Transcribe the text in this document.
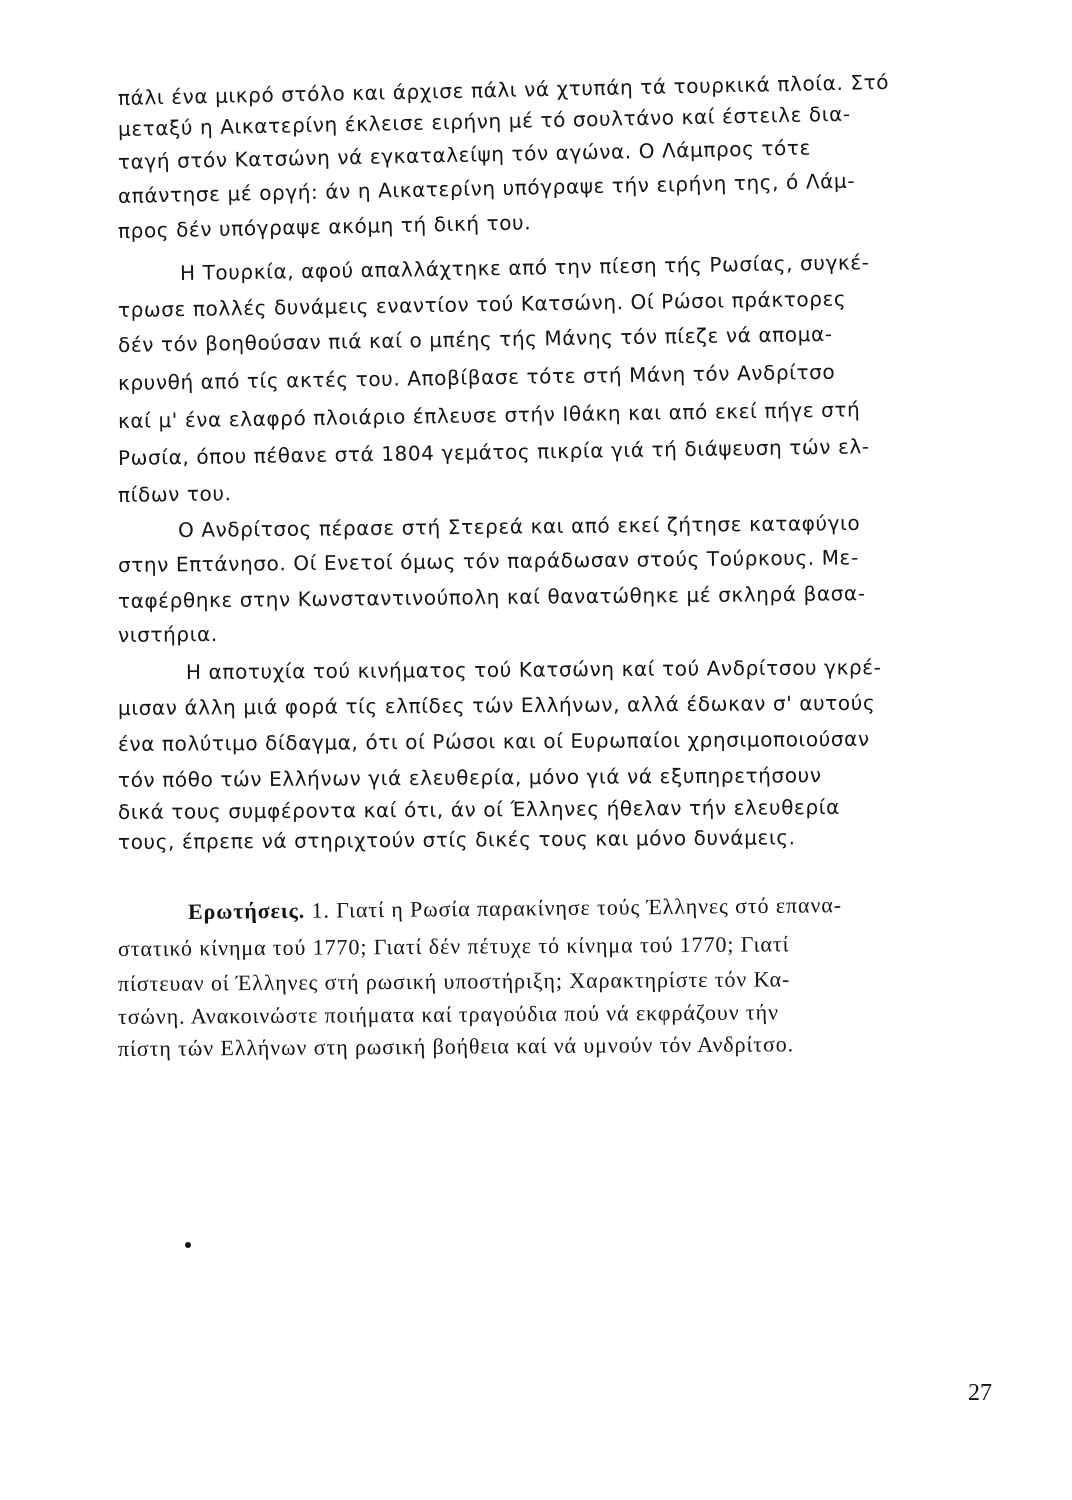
πάλι ένα μικρό στόλο και άρχισε πάλι νά χτυπάη τά τουρκικά πλοία. Στό
μεταξύ η Αικατερίνη έκλεισε ειρήνη μέ τό σουλτάνο καί έστειλε δια-
ταγή στόν Κατσώνη νά εγκαταλείψη τόν αγώνα. Ο Λάμπρος τότε
απάντησε μέ οργή: άν η Αικατερίνη υπόγραψε τήν ειρήνη της, ό Λάμ-
προς δέν υπόγραψε ακόμη τή δική του.
Η Τουρκία, αφού απαλλάχτηκε από την πίεση τής Ρωσίας, συγκέ-
τρωσε πολλές δυνάμεις εναντίον τού Κατσώνη. Οί Ρώσοι πράκτορες
δέν τόν βοηθούσαν πιά καί ο μπέης τής Μάνης τόν πίεζε νά απομα-
κρυνθή από τίς ακτές του. Αποβίβασε τότε στή Μάνη τόν Ανδρίτσο
καί μ' ένα ελαφρό πλοιάριο έπλευσε στήν Ιθάκη και από εκεί πήγε στή
Ρωσία, όπου πέθανε στά 1804 γεμάτος πικρία γιά τή διάψευση τών ελ-
πίδων του.
Ο Ανδρίτσος πέρασε στή Στερεά και από εκεί ζήτησε καταφύγιο
στην Επτάνησο. Οί Ενετοί όμως τόν παράδωσαν στούς Τούρκους. Με-
ταφέρθηκε στην Κωνσταντινούπολη καί θανατώθηκε μέ σκληρά βασα-
νιστήρια.
Η αποτυχία τού κινήματος τού Κατσώνη καί τού Ανδρίτσου γκρέ-
μισαν άλλη μιά φορά τίς ελπίδες τών Ελλήνων, αλλά έδωκαν σ' αυτούς
ένα πολύτιμο δίδαγμα, ότι οί Ρώσοι και οί Ευρωπαίοι χρησιμοποιούσαν
τόν πόθο τών Ελλήνων γιά ελευθερία, μόνο γιά νά εξυπηρετήσουν
δικά τους συμφέροντα καί ότι, άν οί Έλληνες ήθελαν τήν ελευθερία
τους, έπρεπε νά στηριχτούν στίς δικές τους και μόνο δυνάμεις.
Ερωτήσεις. 1. Γιατί η Ρωσία παρακίνησε τούς Έλληνες στό επανα-
στατικό κίνημα τού 1770; Γιατί δέν πέτυχε τό κίνημα τού 1770; Γιατί
πίστευαν οί Έλληνες στή ρωσική υποστήριξη; Χαρακτηρίστε τόν Κα-
τσώνη. Ανακοινώστε ποιήματα καί τραγούδια πού νά εκφράζουν τήν
πίστη τών Ελλήνων στη ρωσική βοήθεια καί νά υμνούν τόν Ανδρίτσο.
27
